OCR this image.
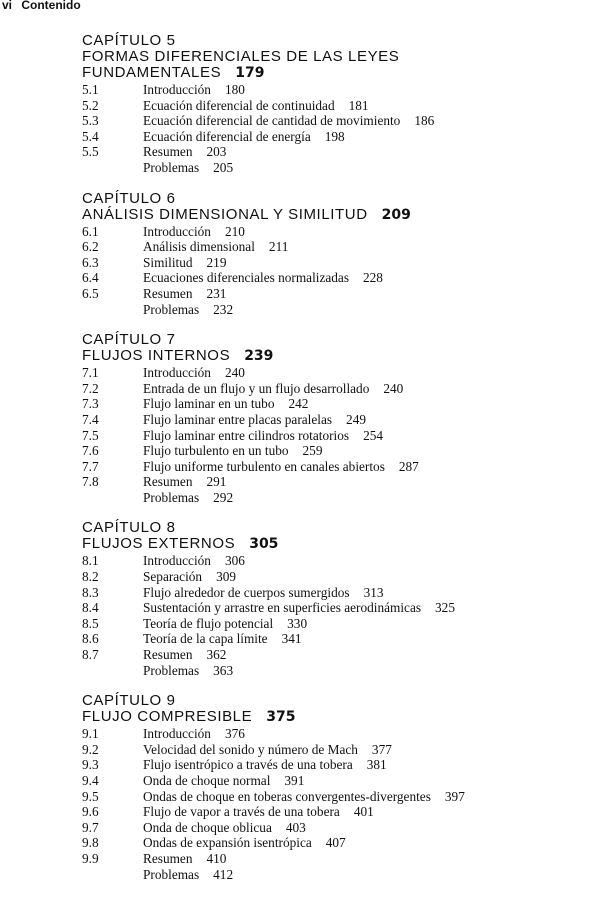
vi Contenido
CAPÍTULO 5
FORMAS DIFERENCIALES DE LAS LEYES
FUNDAMENTALES 179
5.1	Introducción 180
5.2	Ecuación diferencial de continuidad 181
5.3	Ecuación diferencial de cantidad de movimiento 186
5.4	Ecuación diferencial de energía 198
5.5	Resumen 203
Problemas 205
CAPÍTULO 6
ANÁLISIS DIMENSIONAL Y SIMILITUD 209
6.1	Introducción 210
6.2	Análisis dimensional 211
6.3	Similitud 219
6.4	Ecuaciones diferenciales normalizadas 228
6.5	Resumen 231
Problemas 232
CAPÍTULO 7
FLUJOS INTERNOS 239
7.1	Introducción 240
7.2	Entrada de un flujo y un flujo desarrollado 240
7.3	Flujo laminar en un tubo 242
7.4	Flujo laminar entre placas paralelas 249
7.5	Flujo laminar entre cilindros rotatorios 254
7.6	Flujo turbulento en un tubo 259
7.7	Flujo uniforme turbulento en canales abiertos 287
7.8	Resumen 291
Problemas 292
CAPÍTULO 8
FLUJOS EXTERNOS 305
8.1	Introducción 306
8.2	Separación 309
8.3	Flujo alrededor de cuerpos sumergidos 313
8.4	Sustentación y arrastre en superficies aerodinámicas 325
8.5	Teoría de flujo potencial 330
8.6	Teoría de la capa límite 341
8.7	Resumen 362
Problemas 363
CAPÍTULO 9
FLUJO COMPRESIBLE 375
9.1	Introducción 376
9.2	Velocidad del sonido y número de Mach 377
9.3	Flujo isentrópico a través de una tobera 381
9.4	Onda de choque normal 391
9.5	Ondas de choque en toberas convergentes-divergentes 397
9.6	Flujo de vapor a través de una tobera 401
9.7	Onda de choque oblicua 403
9.8	Ondas de expansión isentrópica 407
9.9	Resumen 410
Problemas 412
